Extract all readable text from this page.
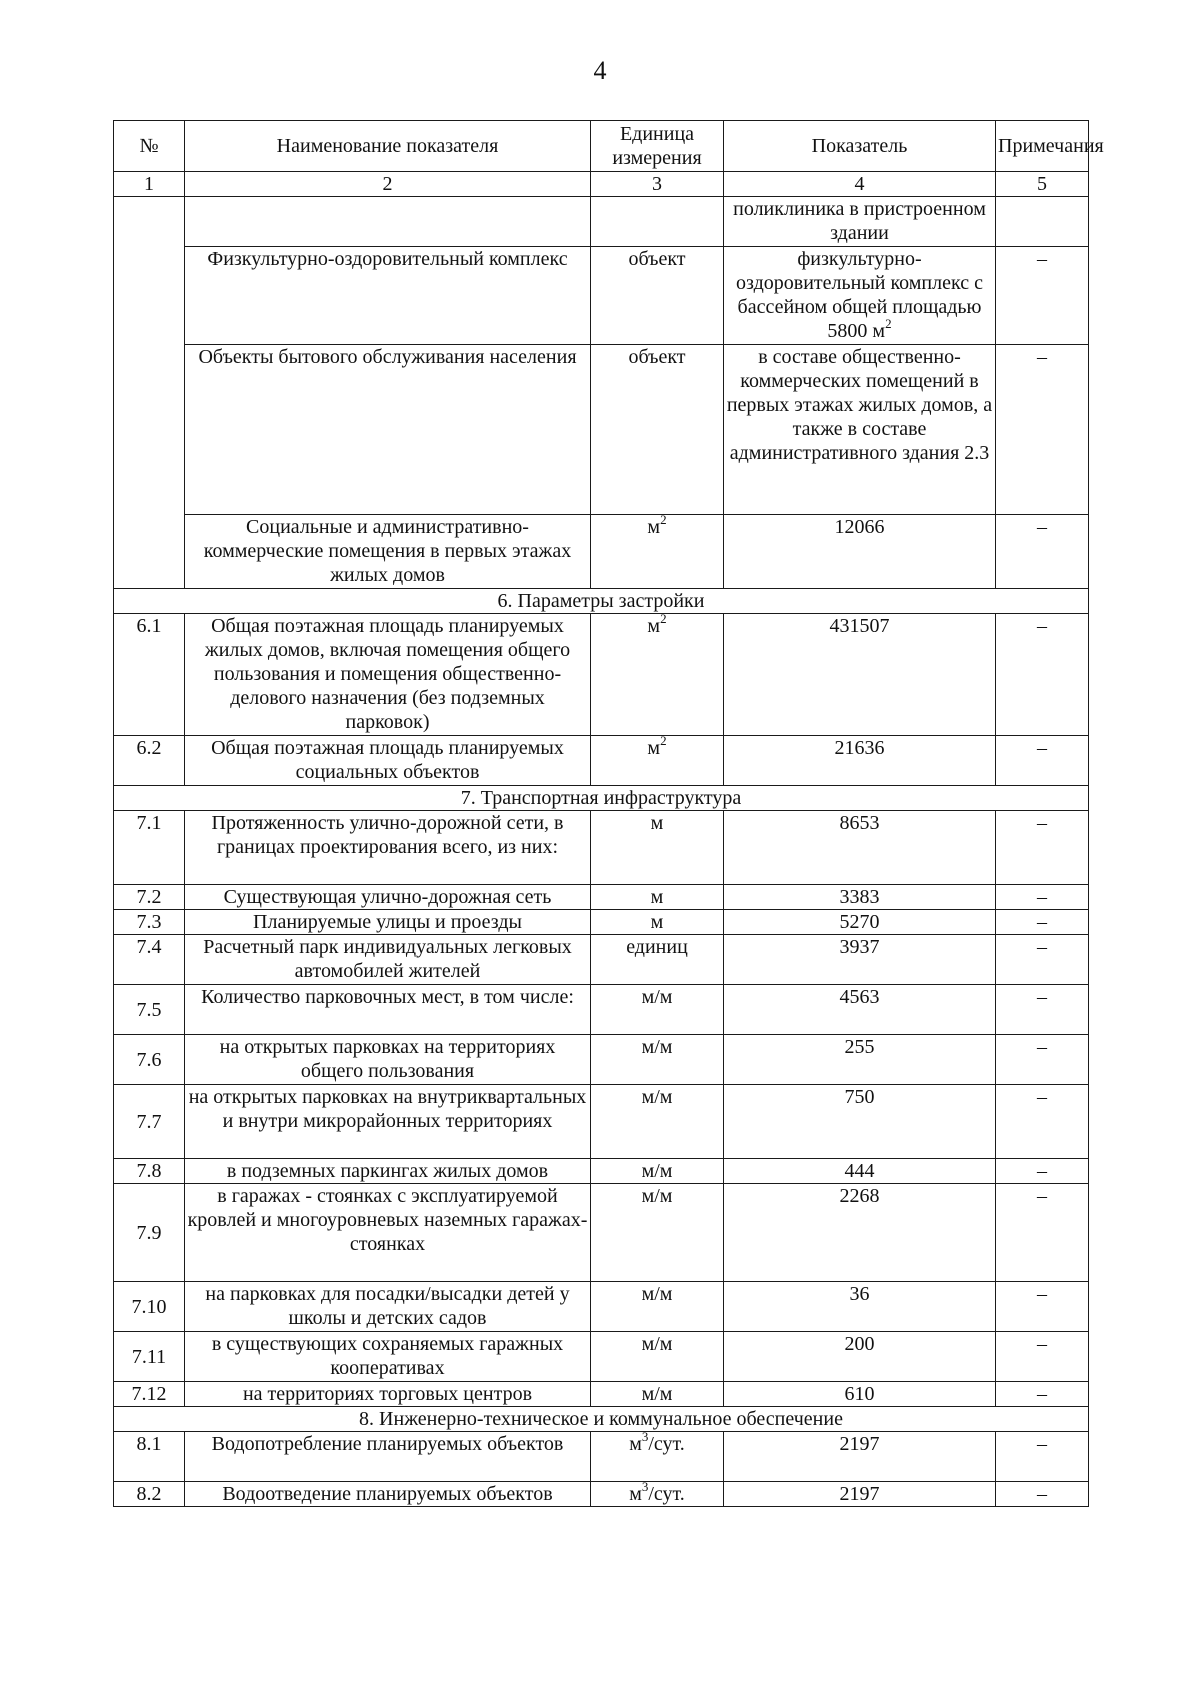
4
№	Наименование показателя	Единица измерения	Показатель	Примечания
1	2	3	4	5
			поликлиника в пристроенном здании	
	Физкультурно-оздоровительный комплекс	объект	физкультурно-оздоровительный комплекс с бассейном общей площадью 5800 $м^2$	–
	Объекты бытового обслуживания населения	объект	в составе общественно-коммерческих помещений в первых этажах жилых домов, а также в составе административного здания 2.3	–
	Социальные и административно-коммерческие помещения в первых этажах жилых домов	$м^2$	12066	–
6. Параметры застройки				
6.1	Общая поэтажная площадь планируемых жилых домов, включая помещения общего пользования и помещения общественно-делового назначения (без подземных парковок)	$м^2$	431507	–
6.2	Общая поэтажная площадь планируемых социальных объектов	$м^2$	21636	–
7. Транспортная инфраструктура				
7.1	Протяженность улично-дорожной сети, в границах проектирования всего, из них:	м	8653	–
7.2	Существующая улично-дорожная сеть	м	3383	–
7.3	Планируемые улицы и проезды	м	5270	–
7.4	Расчетный парк индивидуальных легковых автомобилей жителей	единиц	3937	–
7.5	Количество парковочных мест, в том числе:	м/м	4563	–
7.6	на открытых парковках на территориях общего пользования	м/м	255	–
7.7	на открытых парковках на внутриквартальных и внутри микрорайонных территориях	м/м	750	–
7.8	в подземных паркингах жилых домов	м/м	444	–
7.9	в гаражах - стоянках с эксплуатируемой кровлей и многоуровневых наземных гаражах-стоянках	м/м	2268	–
7.10	на парковках для посадки/высадки детей у школы и детских садов	м/м	36	–
7.11	в существующих сохраняемых гаражных кооперативах	м/м	200	–
7.12	на территориях торговых центров	м/м	610	–
8. Инженерно-техническое и коммунальное обеспечение				
8.1	Водопотребление планируемых объектов	$м^3$/сут.	2197	–
8.2	Водоотведение планируемых объектов	$м^3$/сут.	2197	–
